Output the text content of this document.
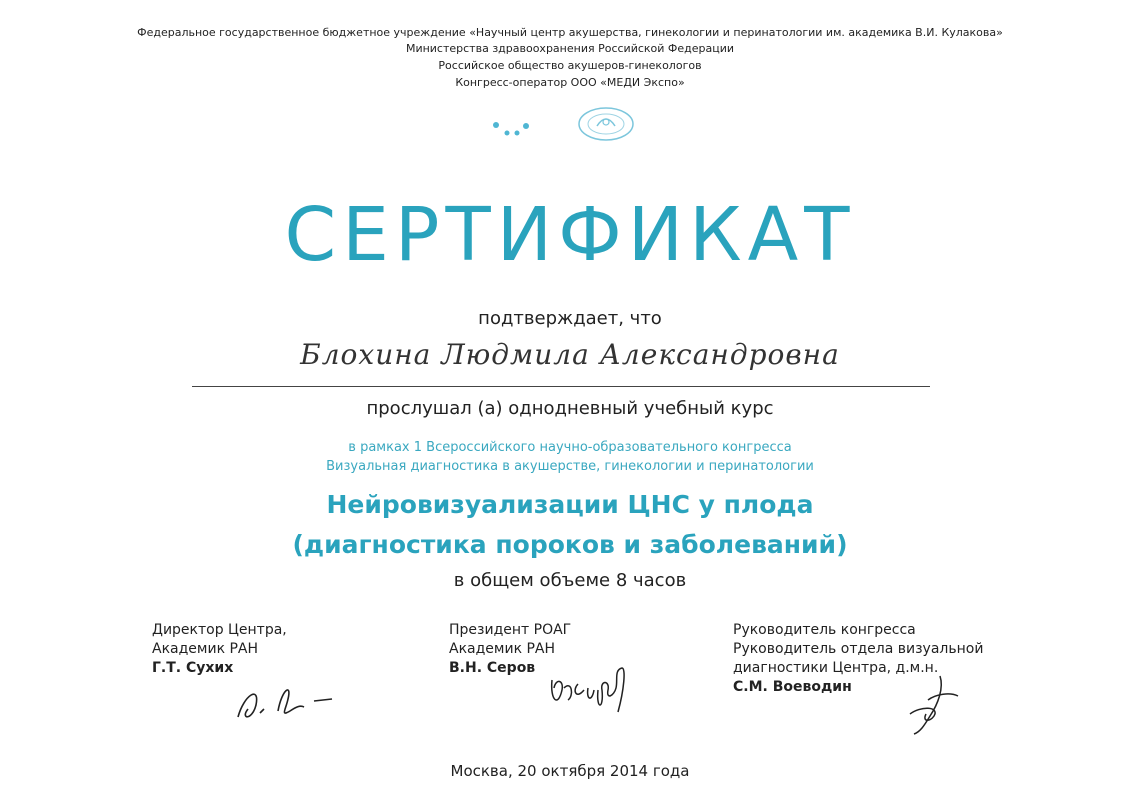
Федеральное государственное бюджетное учреждение «Научный центр акушерства, гинекологии и перинатологии им. академика В.И. Кулакова»
Министерства здравоохранения Российской Федерации
Российское общество акушеров-гинекологов
Конгресс-оператор ООО «МЕДИ Экспо»
СЕРТИФИКАТ
подтверждает, что
Блохина Людмила Александровна
прослушал (а) однодневный учебный курс
в рамках 1 Всероссийского научно-образовательного конгресса
Визуальная диагностика в акушерстве, гинекологии и перинатологии
Нейровизуализации ЦНС у плода
(диагностика пороков и заболеваний)
в общем объеме 8 часов
Директор Центра,
Академик РАН
Г.Т. Сухих
Президент РОАГ
Академик РАН
В.Н. Серов
Руководитель конгресса
Руководитель отдела визуальной
диагностики Центра, д.м.н.
С.М. Воеводин
Москва, 20 октября 2014 года
